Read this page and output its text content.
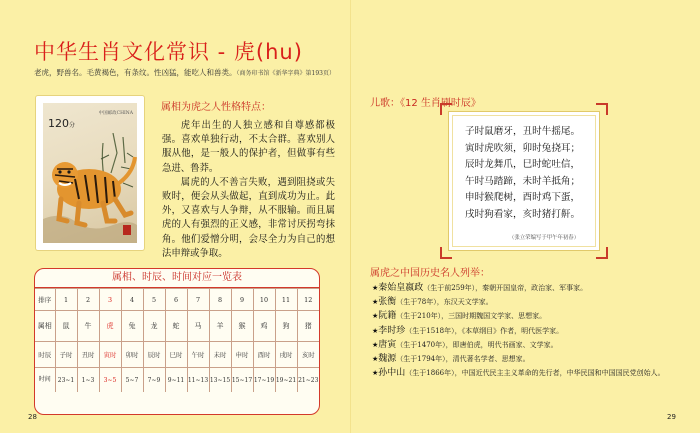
中华生肖文化常识 - 虎(hu)
老虎，野兽名。毛黄褐色，有条纹。性凶猛，能吃人和兽类。（商务印书馆《新华字典》第193页）
120分
中国邮政CHINA
属相为虎之人性格特点：

虎年出生的人独立感和自尊感都极强。喜欢单独行动，不太合群。喜欢别人服从他，是一般人的保护者，但做事有些急进、鲁莽。

属虎的人不善言失败，遇到阻挠或失败时，便会从头做起，直到成功为止。此外，又喜欢与人争辩，从不服输。而且属虎的人有强烈的正义感，非常讨厌拐弯抹角。他们爱憎分明，会尽全力为自己的想法申辩或争取。

属相、时辰、时间对应一览表
排序	1	2	3	4	5	6	7	8	9	10	11	12
属相	鼠	牛	虎	兔	龙	蛇	马	羊	猴	鸡	狗	猪
时辰	子时	丑时	寅时	卯时	辰时	巳时	午时	未时	申时	酉时	戌时	亥时
时间	23~1	1~3	3~5	5~7	7~9	9~11	11~13	13~15	15~17	17~19	19~21	21~23
28
儿歌：《12 生肖刷时辰》
子时鼠磨牙，丑时牛摇尾。
寅时虎吹须，卯时兔挠耳；
辰时龙舞爪，巳时蛇吐信，
午时马踏蹄，未时羊抵角；
申时猴爬树，酉时鸡下蛋，
戌时狗看家，亥时猪打鼾。
（张立荣编写于甲午年初春）
属虎之中国历史名人列举：
★秦始皇嬴政（生于前259年），秦朝开国皇帝，政治家、军事家。
★张衡（生于78年），东汉天文学家。
★阮籍（生于210年），三国时期魏国文学家、思想家。
★李时珍（生于1518年），《本草纲目》作者，明代医学家。
★唐寅（生于1470年），即唐伯虎，明代书画家、文学家。
★魏源（生于1794年），清代著名学者、思想家。
★孙中山（生于1866年），中国近代民主主义革命的先行者，中华民国和中国国民党创始人。
29
